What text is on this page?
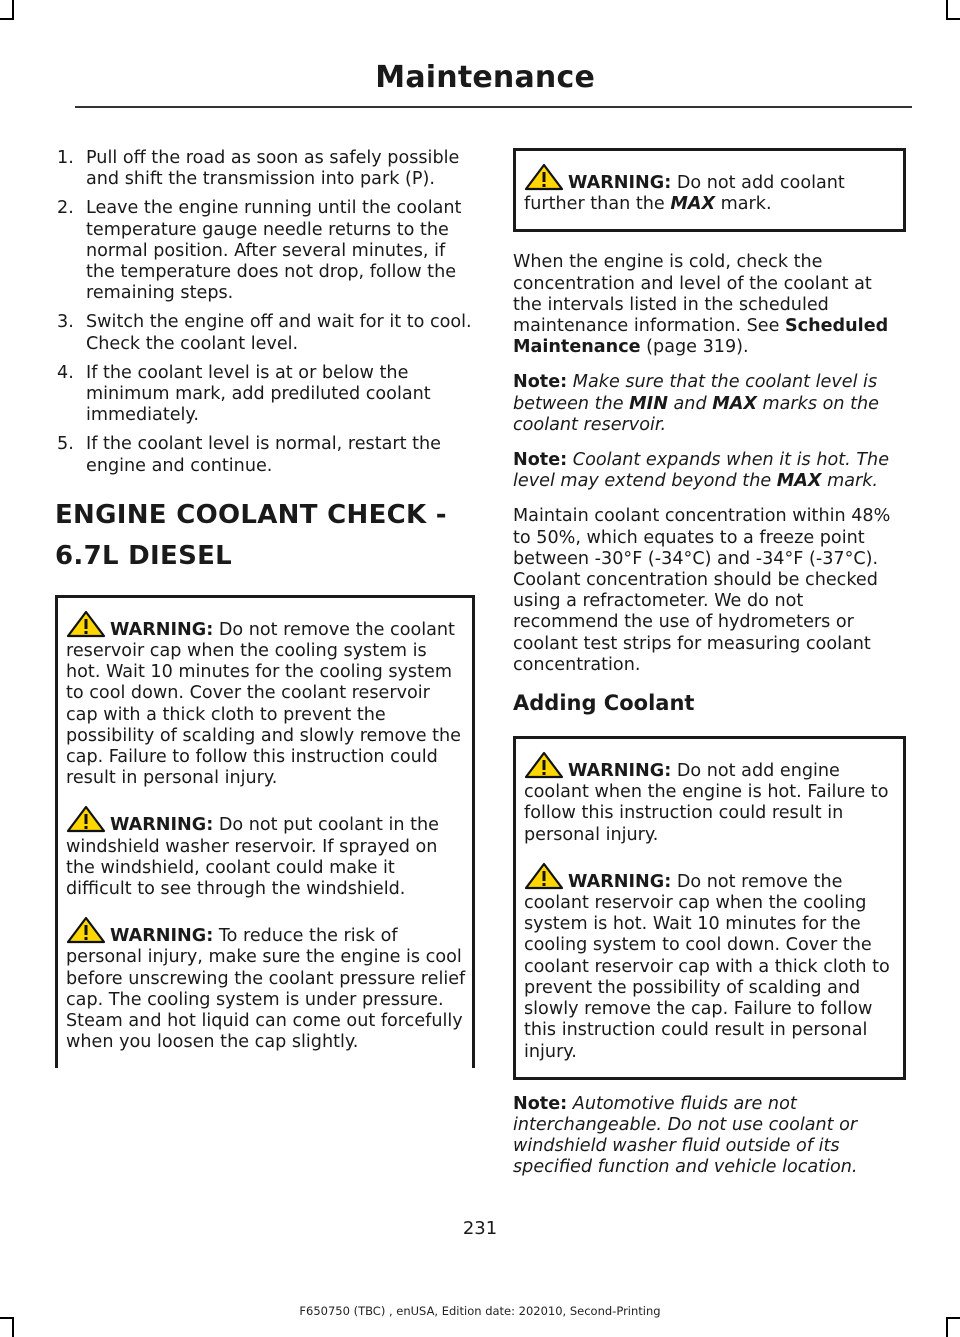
Maintenance
1. Pull off the road as soon as safely possible and shift the transmission into park (P).
2. Leave the engine running until the coolant temperature gauge needle returns to the normal position. After several minutes, if the temperature does not drop, follow the remaining steps.
3. Switch the engine off and wait for it to cool. Check the coolant level.
4. If the coolant level is at or below the minimum mark, add prediluted coolant immediately.
5. If the coolant level is normal, restart the engine and continue.
ENGINE COOLANT CHECK -
6.7L DIESEL
WARNING: Do not remove the coolant reservoir cap when the cooling system is hot. Wait 10 minutes for the cooling system to cool down. Cover the coolant reservoir cap with a thick cloth to prevent the possibility of scalding and slowly remove the cap. Failure to follow this instruction could result in personal injury.
WARNING: Do not put coolant in the windshield washer reservoir. If sprayed on the windshield, coolant could make it difficult to see through the windshield.
WARNING: To reduce the risk of personal injury, make sure the engine is cool before unscrewing the coolant pressure relief cap. The cooling system is under pressure. Steam and hot liquid can come out forcefully when you loosen the cap slightly.
WARNING: Do not add coolant further than the MAX mark.

When the engine is cold, check the concentration and level of the coolant at the intervals listed in the scheduled maintenance information. See Scheduled Maintenance (page 319).

Note: Make sure that the coolant level is between the MIN and MAX marks on the coolant reservoir.

Note: Coolant expands when it is hot. The level may extend beyond the MAX mark.

Maintain coolant concentration within 48% to 50%, which equates to a freeze point between -30°F (-34°C) and -34°F (-37°C). Coolant concentration should be checked using a refractometer. We do not recommend the use of hydrometers or coolant test strips for measuring coolant concentration.

Adding Coolant
WARNING: Do not add engine coolant when the engine is hot. Failure to follow this instruction could result in personal injury.
WARNING: Do not remove the coolant reservoir cap when the cooling system is hot. Wait 10 minutes for the cooling system to cool down. Cover the coolant reservoir cap with a thick cloth to prevent the possibility of scalding and slowly remove the cap. Failure to follow this instruction could result in personal injury.

Note: Automotive fluids are not interchangeable. Do not use coolant or windshield washer fluid outside of its specified function and vehicle location.

231
F650750 (TBC) , enUSA, Edition date: 202010, Second-Printing
